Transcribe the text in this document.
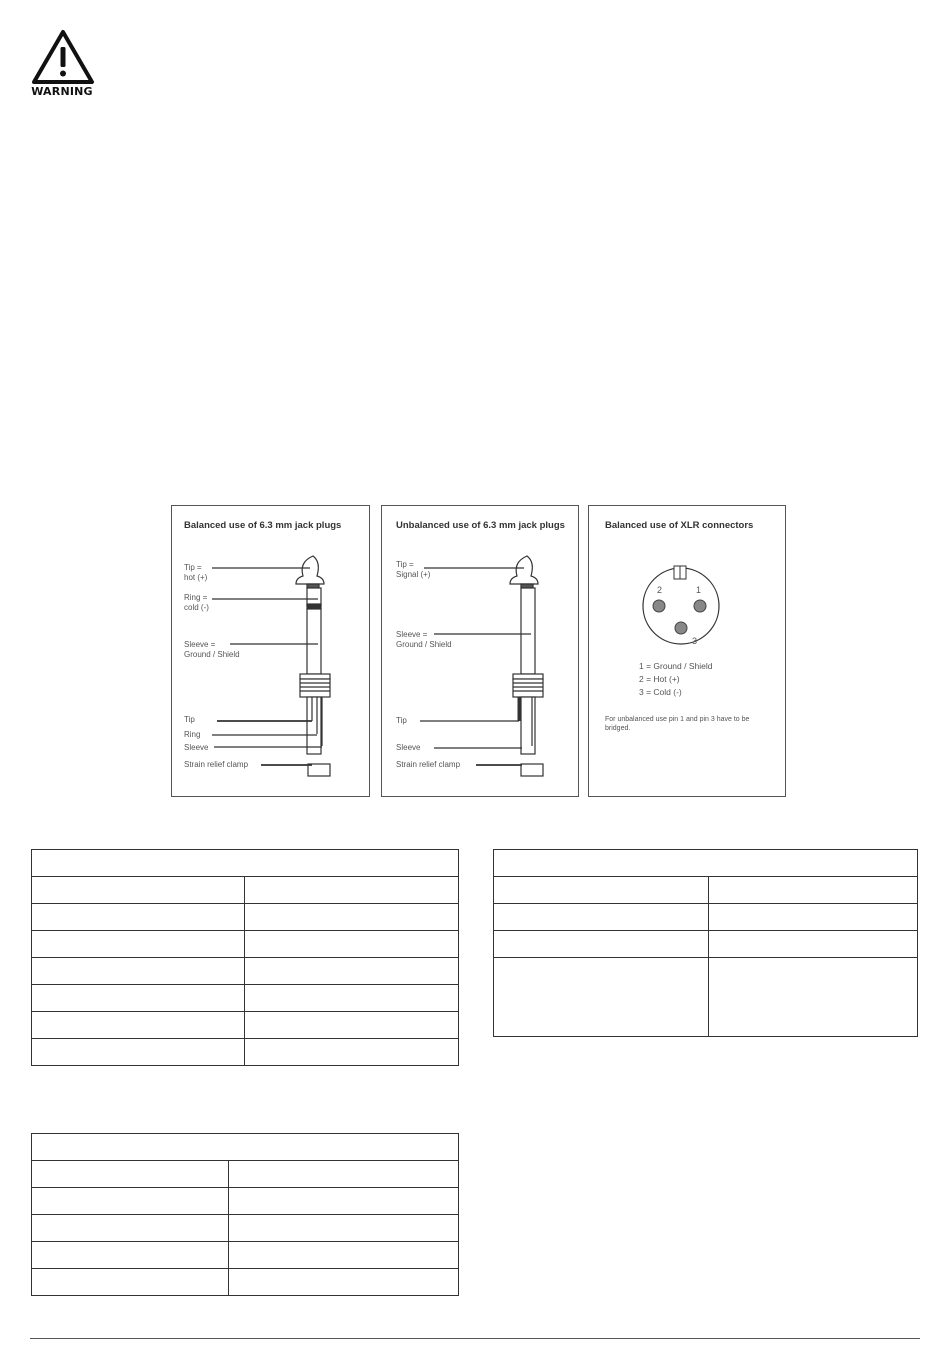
WARNING
Balanced use of 6.3 mm jack plugs
Tip =
hot (+)
Ring =
cold (-)
Sleeve =
Ground / Shield
Tip
Ring
Sleeve
Strain relief clamp
Unbalanced use of 6.3 mm jack plugs
Tip =
Signal (+)
Sleeve =
Ground / Shield
Tip
Sleeve
Strain relief clamp
Balanced use of XLR connectors
2	1
3
1 = Ground / Shield
2 = Hot (+)
3 = Cold (-)
For unbalanced use pin 1 and pin 3 have to be
bridged.
